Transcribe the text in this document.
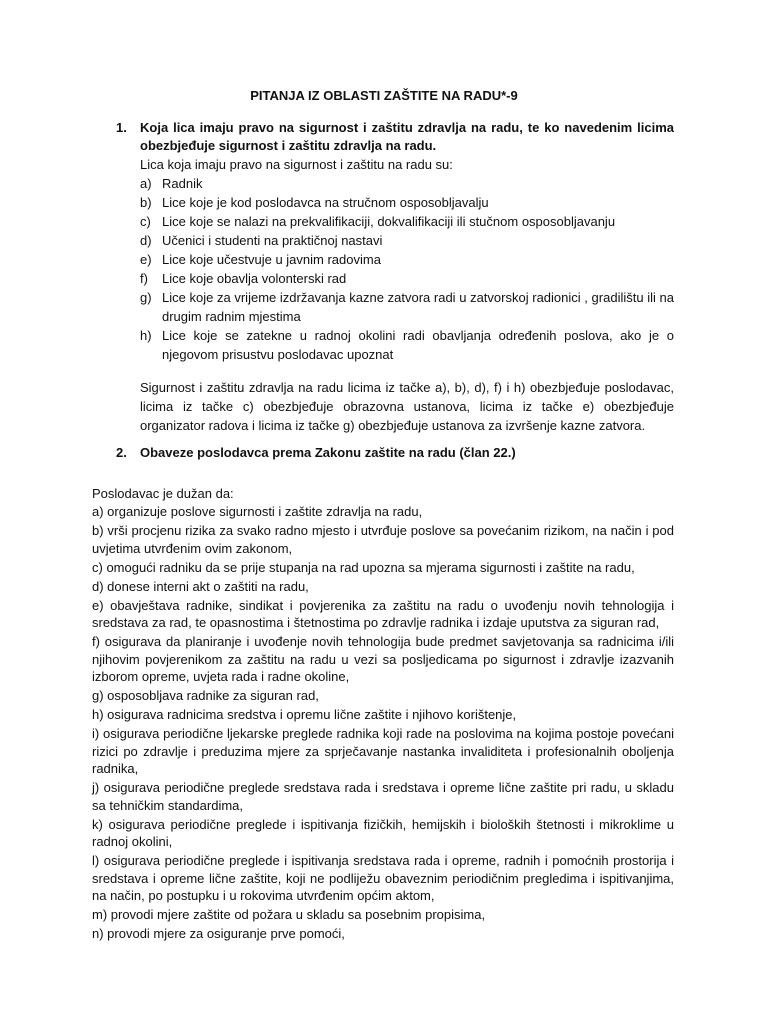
PITANJA IZ OBLASTI ZAŠTITE NA RADU*-9
1.	Koja lica imaju pravo na sigurnost i zaštitu zdravlja na radu, te ko navedenim licima obezbjeđuje sigurnost i zaštitu zdravlja na radu.

Lica koja imaju pravo na sigurnost i zaštitu na radu su:

a) Radnik
b) Lice koje je kod poslodavca na stručnom osposobljavalju
c) Lice koje se nalazi na prekvalifikaciji, dokvalifikaciji ili stučnom osposobljavanju
d) Učenici i studenti na praktičnoj nastavi
e) Lice koje učestvuje u javnim radovima
f)	Lice koje obavlja volonterski rad
g) Lice koje za vrijeme izdržavanja kazne zatvora radi u zatvorskoj radionici , gradilištu ili na drugim radnim mjestima
h) Lice koje se zatekne u radnoj okolini radi obavljanja određenih poslova, ako je o njegovom prisustvu poslodavac upoznat

Sigurnost i zaštitu zdravlja na radu licima iz tačke a), b), d), f) i h) obezbjeđuje poslodavac, licima iz tačke c) obezbjeđuje obrazovna ustanova, licima iz tačke e) obezbjeđuje organizator radova i licima iz tačke g) obezbjeđuje ustanova za izvršenje kazne zatvora.

2.	Obaveze poslodavca prema Zakonu zaštite na radu (član 22.)

Poslodavac je dužan da:

a) organizuje poslove sigurnosti i zaštite zdravlja na radu,
b) vrši procjenu rizika za svako radno mjesto i utvrđuje poslove sa povećanim rizikom, na način i pod uvjetima utvrđenim ovim zakonom,
c) omogući radniku da se prije stupanja na rad upozna sa mjerama sigurnosti i zaštite na radu,
d) donese interni akt o zaštiti na radu,
e) obavještava radnike, sindikat i povjerenika za zaštitu na radu o uvođenju novih tehnologija i sredstava za rad, te opasnostima i štetnostima po zdravlje radnika i izdaje uputstva za siguran rad,
f) osigurava da planiranje i uvođenje novih tehnologija bude predmet savjetovanja sa radnicima i/ili njihovim povjerenikom za zaštitu na radu u vezi sa posljedicama po sigurnost i zdravlje izazvanih izborom opreme, uvjeta rada i radne okoline,
g) osposobljava radnike za siguran rad,
h) osigurava radnicima sredstva i opremu lične zaštite i njihovo korištenje,
i) osigurava periodične ljekarske preglede radnika koji rade na poslovima na kojima postoje povećani rizici po zdravlje i preduzima mjere za sprječavanje nastanka invaliditeta i profesionalnih oboljenja radnika,
j) osigurava periodične preglede sredstava rada i sredstava i opreme lične zaštite pri radu, u skladu sa tehničkim standardima,
k) osigurava periodične preglede i ispitivanja fizičkih, hemijskih i bioloških štetnosti i mikroklime u radnoj okolini,
l) osigurava periodične preglede i ispitivanja sredstava rada i opreme, radnih i pomoćnih prostorija i sredstava i opreme lične zaštite, koji ne podliježu obaveznim periodičnim pregledima i ispitivanjima, na način, po postupku i u rokovima utvrđenim općim aktom,
m) provodi mjere zaštite od požara u skladu sa posebnim propisima,
n) provodi mjere za osiguranje prve pomoći,
